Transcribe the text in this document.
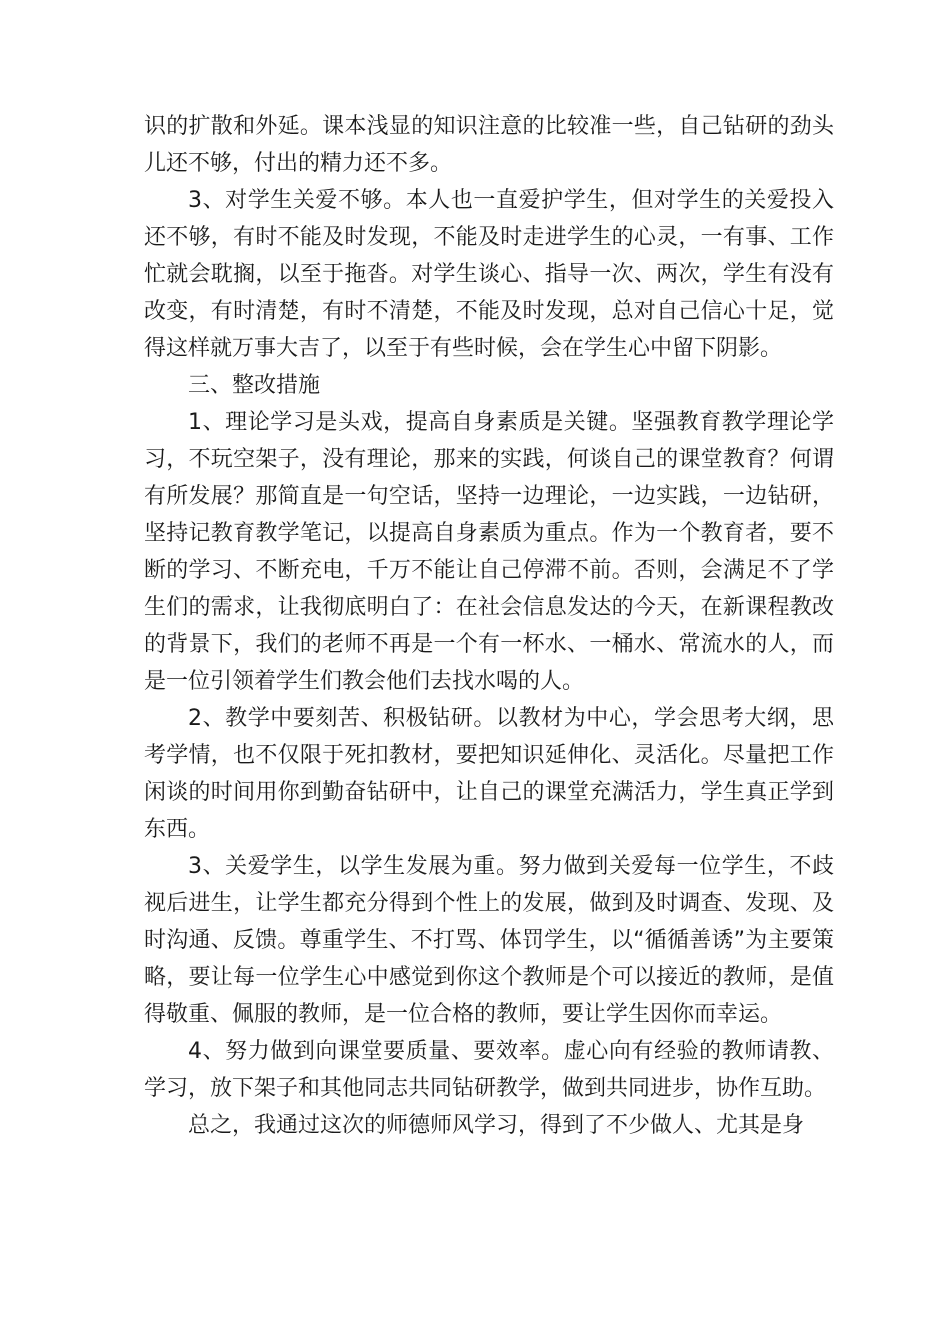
识的扩散和外延。课本浅显的知识注意的比较准一些，自己钻研的劲头儿还不够，付出的精力还不多。

3、对学生关爱不够。本人也一直爱护学生，但对学生的关爱投入还不够，有时不能及时发现，不能及时走进学生的心灵，一有事、工作忙就会耽搁，以至于拖沓。对学生谈心、指导一次、两次，学生有没有改变，有时清楚，有时不清楚，不能及时发现，总对自己信心十足，觉得这样就万事大吉了，以至于有些时候，会在学生心中留下阴影。

三、整改措施

1、理论学习是头戏，提高自身素质是关键。坚强教育教学理论学习，不玩空架子，没有理论，那来的实践，何谈自己的课堂教育？何谓有所发展？那简直是一句空话，坚持一边理论，一边实践，一边钻研，坚持记教育教学笔记，以提高自身素质为重点。作为一个教育者，要不断的学习、不断充电，千万不能让自己停滞不前。否则，会满足不了学生们的需求，让我彻底明白了：在社会信息发达的今天，在新课程教改的背景下，我们的老师不再是一个有一杯水、一桶水、常流水的人，而是一位引领着学生们教会他们去找水喝的人。

2、教学中要刻苦、积极钻研。以教材为中心，学会思考大纲，思考学情，也不仅限于死扣教材，要把知识延伸化、灵活化。尽量把工作闲谈的时间用你到勤奋钻研中，让自己的课堂充满活力，学生真正学到东西。

3、关爱学生，以学生发展为重。努力做到关爱每一位学生，不歧视后进生，让学生都充分得到个性上的发展，做到及时调查、发现、及时沟通、反馈。尊重学生、不打骂、体罚学生，以“循循善诱”为主要策略，要让每一位学生心中感觉到你这个教师是个可以接近的教师，是值得敬重、佩服的教师，是一位合格的教师，要让学生因你而幸运。

4、努力做到向课堂要质量、要效率。虚心向有经验的教师请教、学习，放下架子和其他同志共同钻研教学，做到共同进步，协作互助。

总之，我通过这次的师德师风学习，得到了不少做人、尤其是身
